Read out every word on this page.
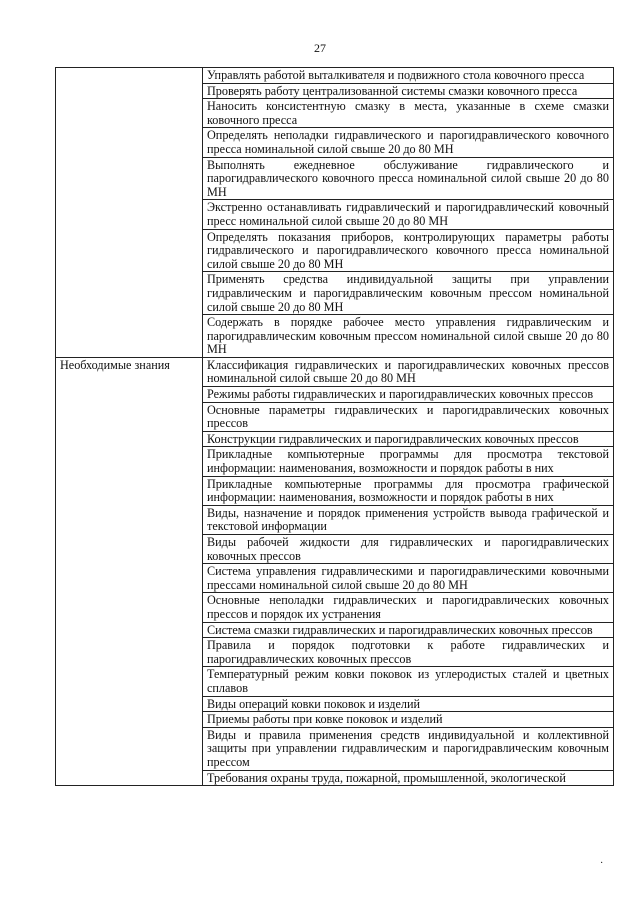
27
	Управлять работой выталкивателя и подвижного стола ковочного пресса
	Проверять работу централизованной системы смазки ковочного пресса
	Наносить консистентную смазку в места, указанные в схеме смазки ковочного пресса
	Определять неполадки гидравлического и парогидравлического ковочного пресса номинальной силой свыше 20 до 80 МН
	Выполнять ежедневное обслуживание гидравлического и парогидравлического ковочного пресса номинальной силой свыше 20 до 80 МН
	Экстренно останавливать гидравлический и парогидравлический ковочный пресс номинальной силой свыше 20 до 80 МН
	Определять показания приборов, контролирующих параметры работы гидравлического и парогидравлического ковочного пресса номинальной силой свыше 20 до 80 МН
	Применять средства индивидуальной защиты при управлении гидравлическим и парогидравлическим ковочным прессом номинальной силой свыше 20 до 80 МН
	Содержать в порядке рабочее место управления гидравлическим и парогидравлическим ковочным прессом номинальной силой свыше 20 до 80 МН
Необходимые знания	Классификация гидравлических и парогидравлических ковочных прессов номинальной силой свыше 20 до 80 МН
	Режимы работы гидравлических и парогидравлических ковочных прессов
	Основные параметры гидравлических и парогидравлических ковочных прессов
	Конструкции гидравлических и парогидравлических ковочных прессов
	Прикладные компьютерные программы для просмотра текстовой информации: наименования, возможности и порядок работы в них
	Прикладные компьютерные программы для просмотра графической информации: наименования, возможности и порядок работы в них
	Виды, назначение и порядок применения устройств вывода графической и текстовой информации
	Виды рабочей жидкости для гидравлических и парогидравлических ковочных прессов
	Система управления гидравлическими и парогидравлическими ковочными прессами номинальной силой свыше 20 до 80 МН
	Основные неполадки гидравлических и парогидравлических ковочных прессов и порядок их устранения
	Система смазки гидравлических и парогидравлических ковочных прессов
	Правила и порядок подготовки к работе гидравлических и парогидравлических ковочных прессов
	Температурный режим ковки поковок из углеродистых сталей и цветных сплавов
	Виды операций ковки поковок и изделий
	Приемы работы при ковке поковок и изделий
	Виды и правила применения средств индивидуальной и коллективной защиты при управлении гидравлическим и парогидравлическим ковочным прессом
	Требования охраны труда, пожарной, промышленной, экологической
·
